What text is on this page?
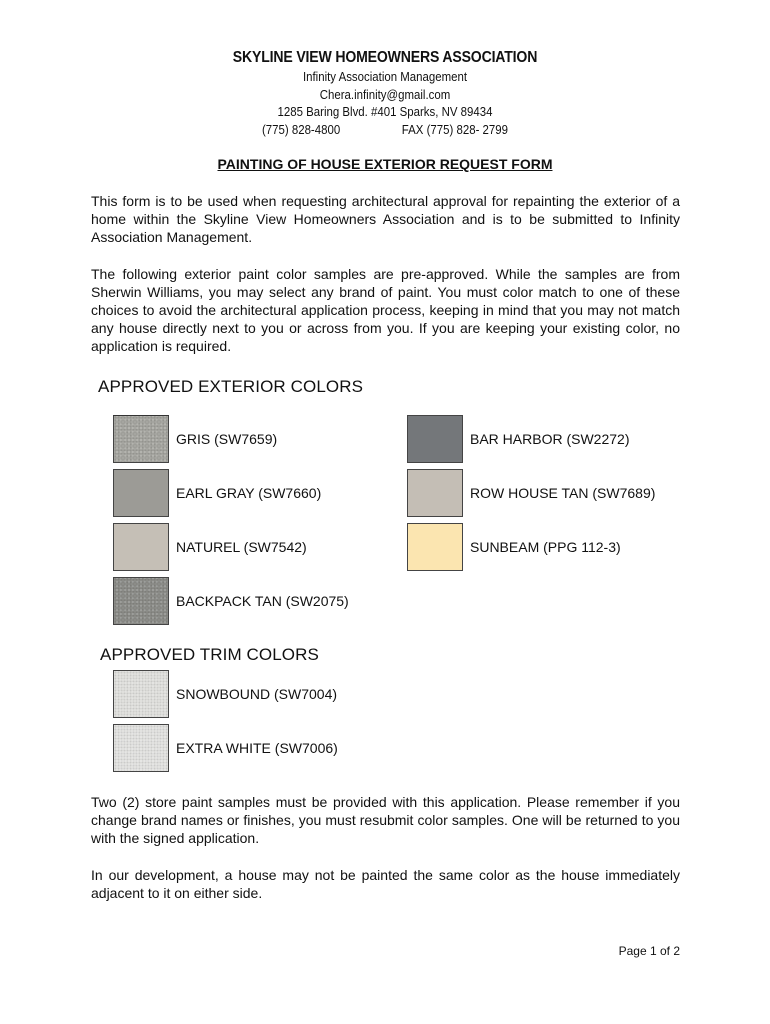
SKYLINE VIEW HOMEOWNERS ASSOCIATION
Infinity Association Management
Chera.infinity@gmail.com
1285 Baring Blvd. #401 Sparks, NV 89434
(775) 828-4800	FAX (775) 828- 2799
PAINTING OF HOUSE EXTERIOR REQUEST FORM

This form is to be used when requesting architectural approval for repainting the exterior of a home within the Skyline View Homeowners Association and is to be submitted to Infinity Association Management.

The following exterior paint color samples are pre-approved. While the samples are from Sherwin Williams, you may select any brand of paint. You must color match to one of these choices to avoid the architectural application process, keeping in mind that you may not match any house directly next to you or across from you. If you are keeping your existing color, no application is required.

APPROVED EXTERIOR COLORS
GRIS (SW7659)	BAR HARBOR (SW2272)
EARL GRAY (SW7660)	ROW HOUSE TAN (SW7689)
NATUREL (SW7542)	SUNBEAM (PPG 112-3)
BACKPACK TAN (SW2075)
APPROVED TRIM COLORS
SNOWBOUND (SW7004)
EXTRA WHITE (SW7006)

Two (2) store paint samples must be provided with this application. Please remember if you change brand names or finishes, you must resubmit color samples. One will be returned to you with the signed application.

In our development, a house may not be painted the same color as the house immediately adjacent to it on either side.

Page 1 of 2
